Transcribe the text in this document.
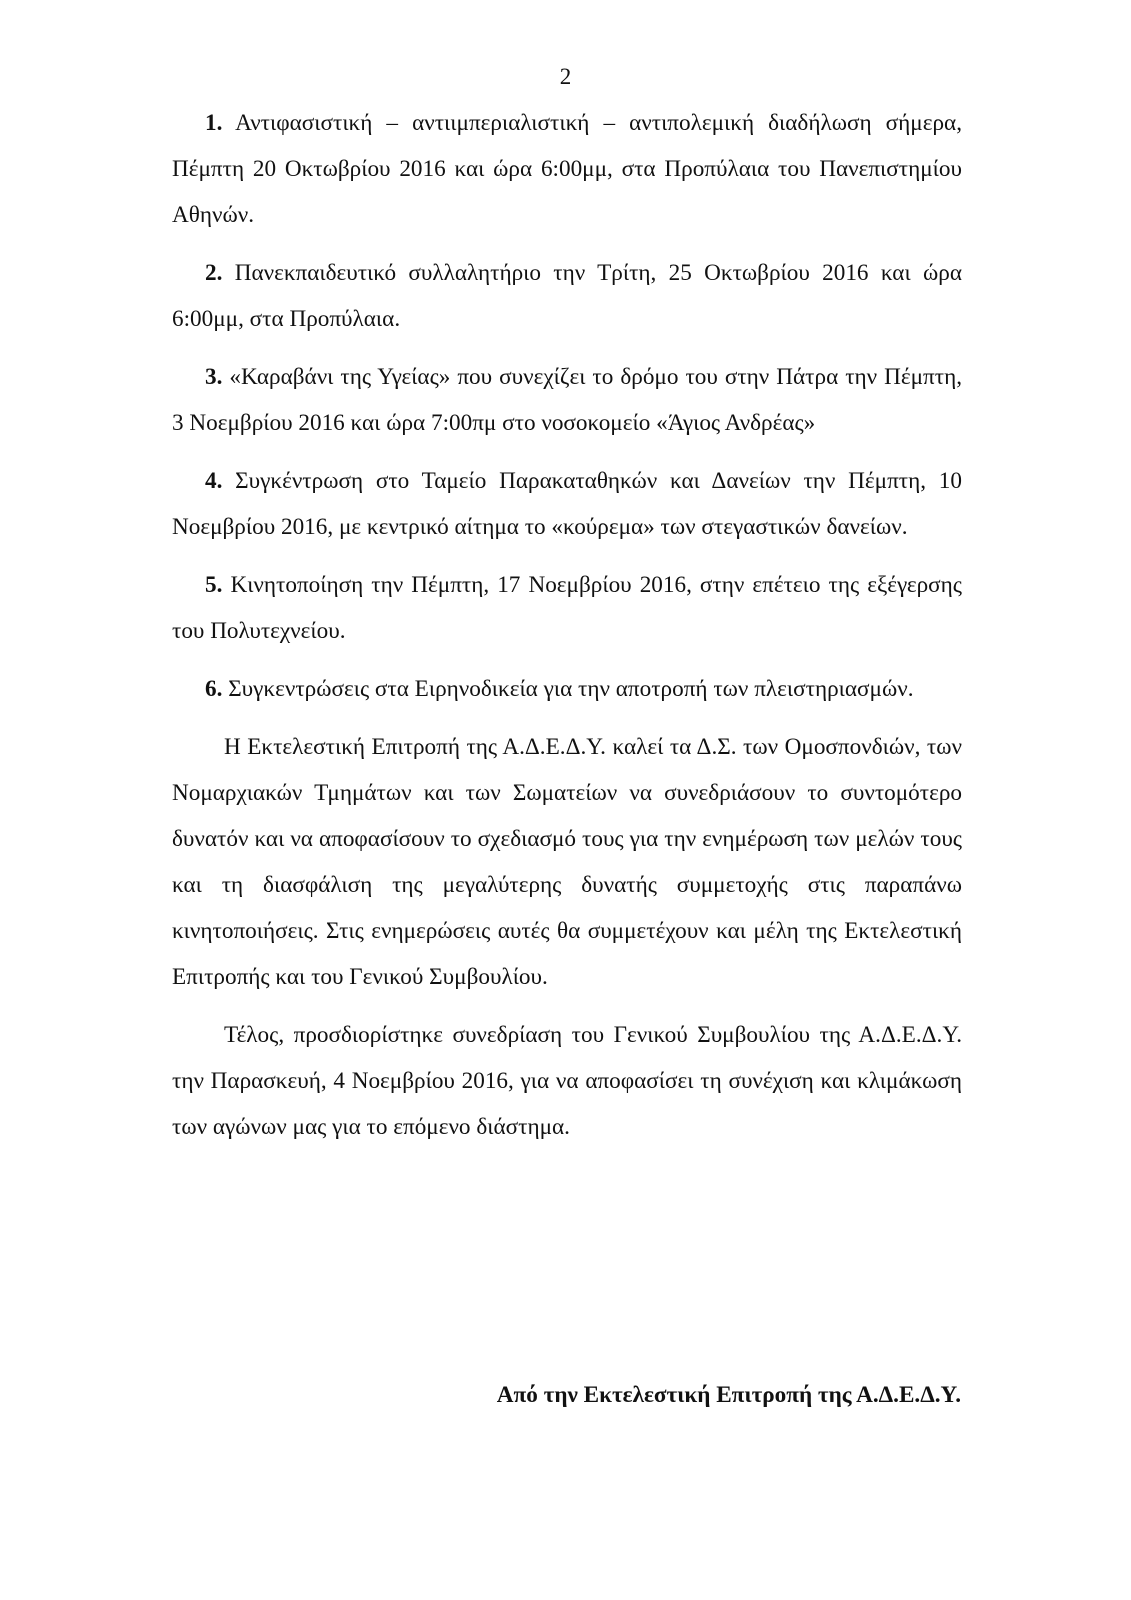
2

1. Αντιφασιστική – αντιιμπεριαλιστική – αντιπολεμική διαδήλωση σήμερα, Πέμπτη 20 Οκτωβρίου 2016 και ώρα 6:00μμ, στα Προπύλαια του Πανεπιστημίου Αθηνών.

2. Πανεκπαιδευτικό συλλαλητήριο την Τρίτη, 25 Οκτωβρίου 2016 και ώρα 6:00μμ, στα Προπύλαια.

3. «Καραβάνι της Υγείας» που συνεχίζει το δρόμο του στην Πάτρα την Πέμπτη, 3 Νοεμβρίου 2016 και ώρα 7:00πμ στο νοσοκομείο «Άγιος Ανδρέας»

4. Συγκέντρωση στο Ταμείο Παρακαταθηκών και Δανείων την Πέμπτη, 10 Νοεμβρίου 2016, με κεντρικό αίτημα το «κούρεμα» των στεγαστικών δανείων.

5. Κινητοποίηση την Πέμπτη, 17 Νοεμβρίου 2016, στην επέτειο της εξέγερσης του Πολυτεχνείου.

6. Συγκεντρώσεις στα Ειρηνοδικεία για την αποτροπή των πλειστηριασμών.

Η Εκτελεστική Επιτροπή της Α.Δ.Ε.Δ.Υ. καλεί τα Δ.Σ. των Ομοσπονδιών, των Νομαρχιακών Τμημάτων και των Σωματείων να συνεδριάσουν το συντομότερο δυνατόν και να αποφασίσουν το σχεδιασμό τους για την ενημέρωση των μελών τους και τη διασφάλιση της μεγαλύτερης δυνατής συμμετοχής στις παραπάνω κινητοποιήσεις. Στις ενημερώσεις αυτές θα συμμετέχουν και μέλη της Εκτελεστική Επιτροπής και του Γενικού Συμβουλίου.

Τέλος, προσδιορίστηκε συνεδρίαση του Γενικού Συμβουλίου της Α.Δ.Ε.Δ.Υ. την Παρασκευή, 4 Νοεμβρίου 2016, για να αποφασίσει τη συνέχιση και κλιμάκωση των αγώνων μας για το επόμενο διάστημα.

Από την Εκτελεστική Επιτροπή της Α.Δ.Ε.Δ.Υ.
